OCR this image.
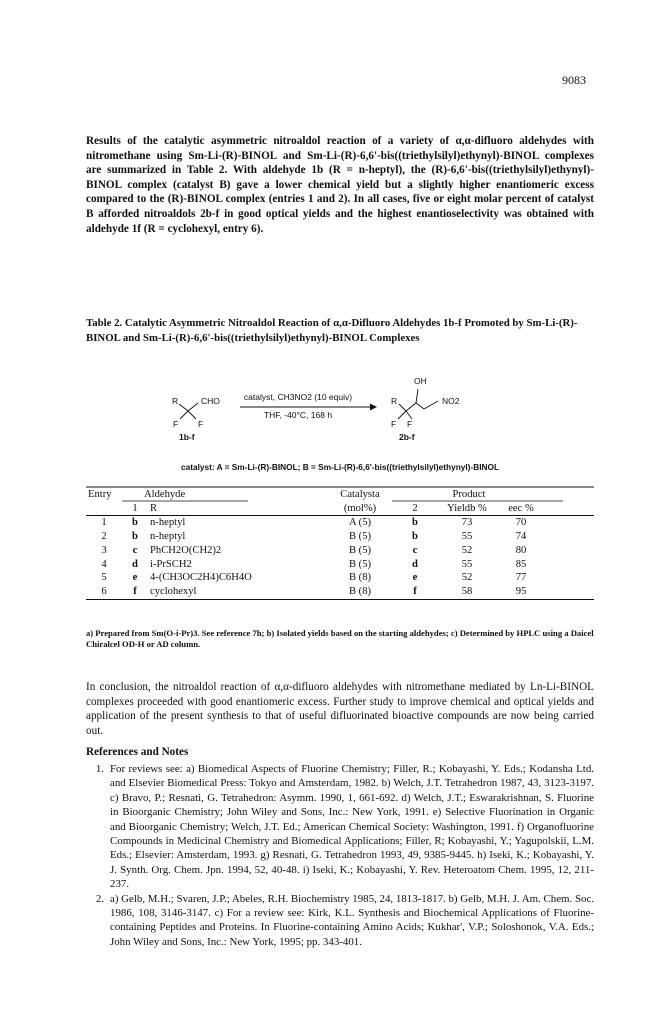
9083
Results of the catalytic asymmetric nitroaldol reaction of a variety of α,α-difluoro aldehydes with nitromethane using Sm-Li-(R)-BINOL and Sm-Li-(R)-6,6'-bis((triethylsilyl)ethynyl)-BINOL complexes are summarized in Table 2. With aldehyde 1b (R = n-heptyl), the (R)-6,6'-bis((triethylsilyl)ethynyl)-BINOL complex (catalyst B) gave a lower chemical yield but a slightly higher enantiomeric excess compared to the (R)-BINOL complex (entries 1 and 2). In all cases, five or eight molar percent of catalyst B afforded nitroaldols 2b-f in good optical yields and the highest enantioselectivity was obtained with aldehyde 1f (R = cyclohexyl, entry 6).
Table 2. Catalytic Asymmetric Nitroaldol Reaction of α,α-Difluoro Aldehydes 1b-f Promoted by Sm-Li-(R)-BINOL and Sm-Li-(R)-6,6'-bis((triethylsilyl)ethynyl)-BINOL Complexes
R	CHO
F F
1b-f
catalyst, CH3NO2 (10 equiv)
THF, -40°C, 168 h
OH
R	NO2
F F
2b-f
catalyst: A = Sm-Li-(R)-BINOL; B = Sm-Li-(R)-6,6'-bis((triethylsilyl)ethynyl)-BINOL
Entry	Aldehyde		Catalysta	Product			
	1	R	(mol%)	2	Yieldb %	eec %	
1	b	n-heptyl	A (5)	b	73	70	
2	b	n-heptyl	B (5)	b	55	74	
3	c	PhCH2O(CH2)2	B (5)	c	52	80	
4	d	i-PrSCH2	B (5)	d	55	85	
5	e	4-(CH3OC2H4)C6H4O	B (8)	e	52	77	
6	f	cyclohexyl	B (8)	f	58	95	
a) Prepared from Sm(O-i-Pr)3. See reference 7h; b) Isolated yields based on the starting aldehydes; c) Determined by HPLC using a Daicel Chiralcel OD-H or AD column.
In conclusion, the nitroaldol reaction of α,α-difluoro aldehydes with nitromethane mediated by Ln-Li-BINOL complexes proceeded with good enantiomeric excess. Further study to improve chemical and optical yields and application of the present synthesis to that of useful difluorinated bioactive compounds are now being carried out.
References and Notes
1. For reviews see: a) Biomedical Aspects of Fluorine Chemistry; Filler, R.; Kobayashi, Y. Eds.; Kodansha Ltd. and Elsevier Biomedical Press: Tokyo and Amsterdam, 1982. b) Welch, J.T. Tetrahedron 1987, 43, 3123-3197. c) Bravo, P.; Resnati, G. Tetrahedron: Asymm. 1990, 1, 661-692. d) Welch, J.T.; Eswarakrishnan, S. Fluorine in Bioorganic Chemistry; John Wiley and Sons, Inc.: New York, 1991. e) Selective Fluorination in Organic and Bioorganic Chemistry; Welch, J.T. Ed.; American Chemical Society: Washington, 1991. f) Organofluorine Compounds in Medicinal Chemistry and Biomedical Applications; Filler, R; Kobayashi, Y.; Yagupolskii, L.M. Eds.; Elsevier: Amsterdam, 1993. g) Resnati, G. Tetrahedron 1993, 49, 9385-9445. h) Iseki, K.; Kobayashi, Y. J. Synth. Org. Chem. Jpn. 1994, 52, 40-48. i) Iseki, K.; Kobayashi, Y. Rev. Heteroatom Chem. 1995, 12, 211-237.
2. a) Gelb, M.H.; Svaren, J.P.; Abeles, R.H. Biochemistry 1985, 24, 1813-1817. b) Gelb, M.H. J. Am. Chem. Soc. 1986, 108, 3146-3147. c) For a review see: Kirk, K.L. Synthesis and Biochemical Applications of Fluorine-containing Peptides and Proteins. In Fluorine-containing Amino Acids; Kukhar', V.P.; Soloshonok, V.A. Eds.; John Wiley and Sons, Inc.: New York, 1995; pp. 343-401.
